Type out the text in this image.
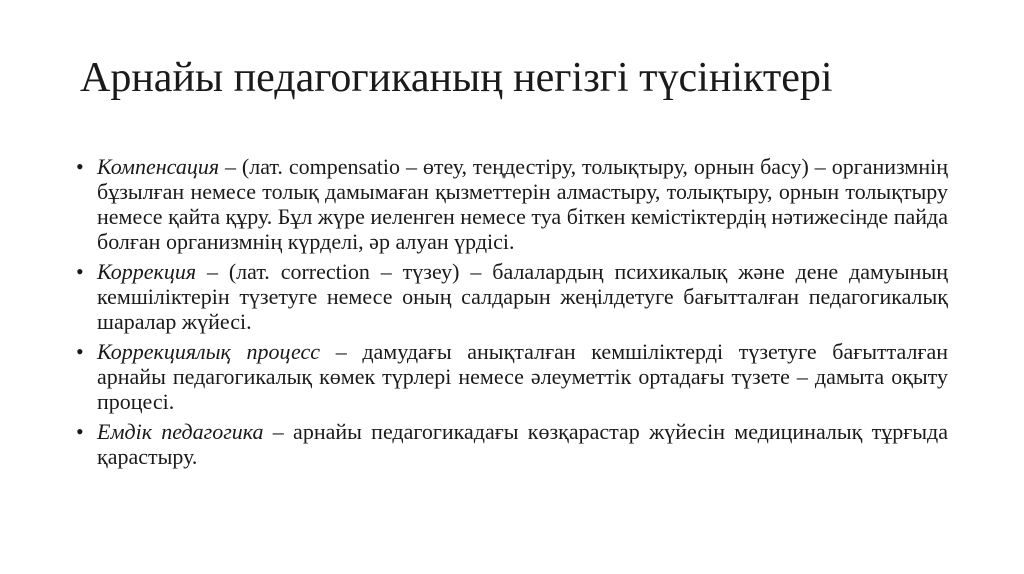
Арнайы педагогиканың негізгі түсініктері
• Компенсация – (лат. compensatio – өтеу, теңдестіру, толықтыру, орнын басу) – организмнің бұзылған немесе толық дамымаған қызметтерін алмастыру, толықтыру, орнын толықтыру немесе қайта құру. Бұл жүре иеленген немесе туа біткен кемістіктердің нәтижесінде пайда болған организмнің күрделі, әр алуан үрдісі.
• Коррекция – (лат. correction – түзеу) – балалардың психикалық және дене дамуының кемшіліктерін түзетуге немесе оның салдарын жеңілдетуге бағытталған педагогикалық шаралар жүйесі.
• Коррекциялық процесс – дамудағы анықталған кемшіліктерді түзетуге бағытталған арнайы педагогикалық көмек түрлері немесе әлеуметтік ортадағы түзете – дамыта оқыту процесі.
• Емдік педагогика – арнайы педагогикадағы көзқарастар жүйесін медициналық тұрғыда қарастыру.
